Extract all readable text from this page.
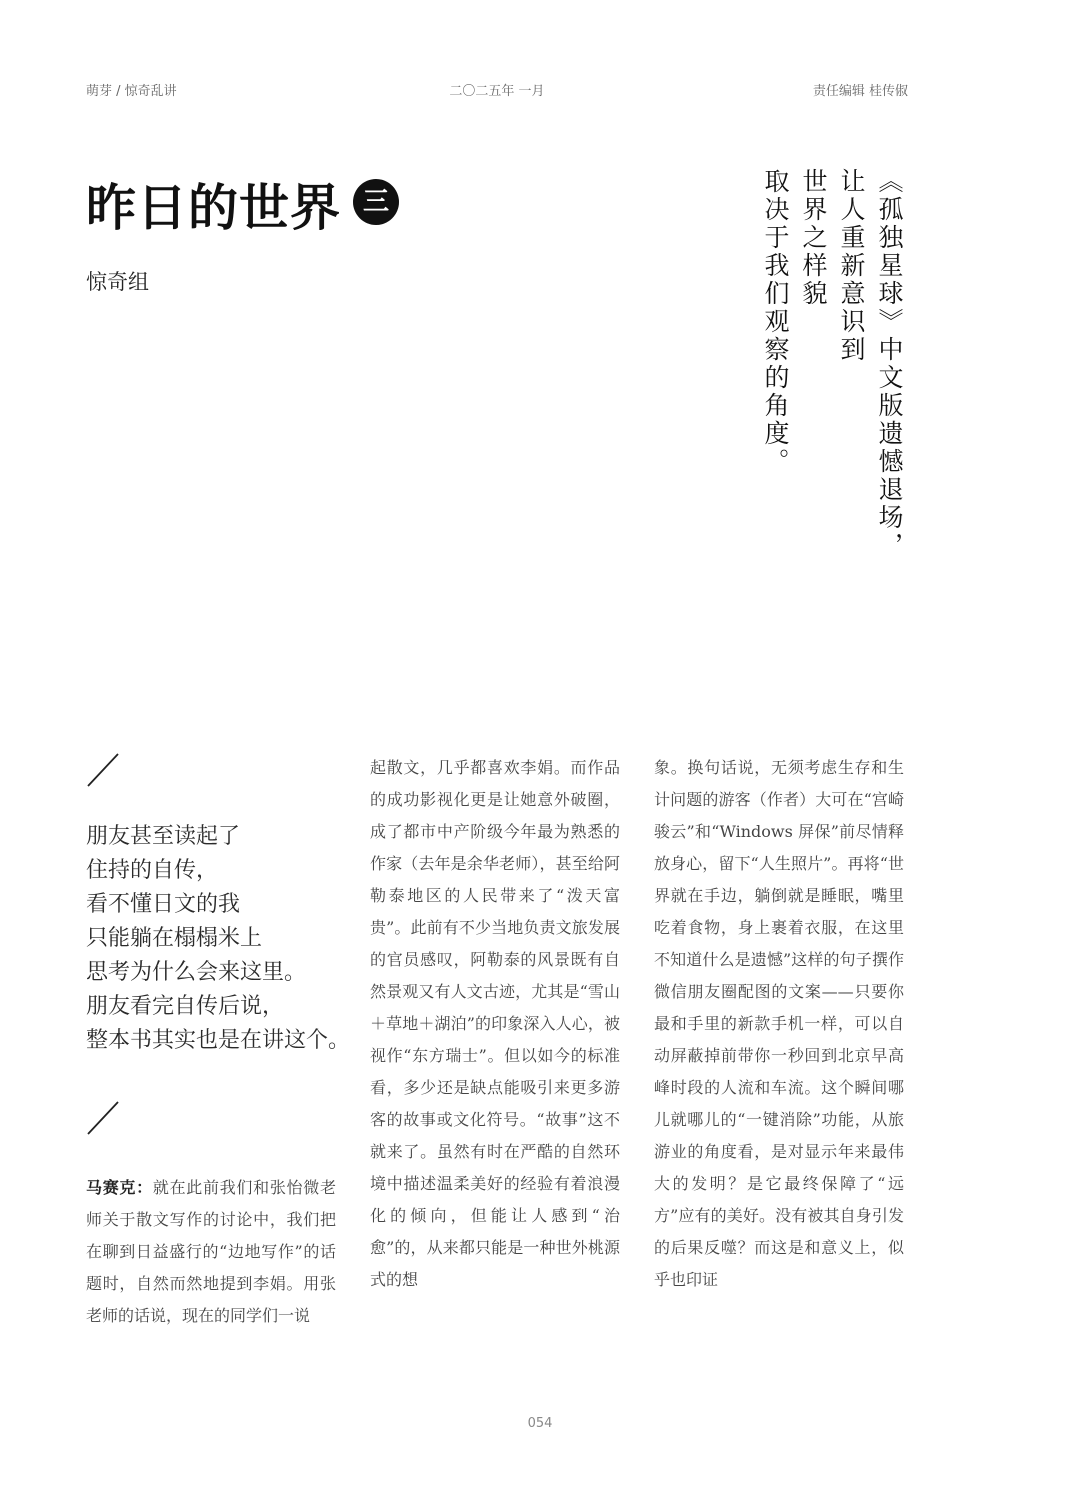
萌芽 / 惊奇乱讲	二〇二五年 一月	责任编辑 桂传俶
昨日的世界 三
惊奇组	《孤独星球》中文版遗憾退场，
让人重新意识到
世界之样貌
取决于我们观察的角度。
朋友甚至读起了
住持的自传，
看不懂日文的我
只能躺在榻榻米上
思考为什么会来这里。
朋友看完自传后说，
整本书其实也是在讲这个。

马赛克：就在此前我们和张怡微老师关于散文写作的讨论中，我们把在聊到日益盛行的“边地写作”的话题时，自然而然地提到李娟。用张老师的话说，现在的同学们一说

起散文，几乎都喜欢李娟。而作品的成功影视化更是让她意外破圈，成了都市中产阶级今年最为熟悉的作家（去年是余华老师），甚至给阿勒泰地区的人民带来了“泼天富贵”。此前有不少当地负责文旅发展的官员感叹，阿勒泰的风景既有自然景观又有人文古迹，尤其是“雪山＋草地＋湖泊”的印象深入人心，被视作“东方瑞士”。但以如今的标准看，多少还是缺点能吸引来更多游客的故事或文化符号。“故事”这不就来了。虽然有时在严酷的自然环境中描述温柔美好的经验有着浪漫化的倾向，但能让人感到“治愈”的，从来都只能是一种世外桃源式的想

象。换句话说，无须考虑生存和生计问题的游客（作者）大可在“宫崎骏云”和“Windows 屏保”前尽情释放身心，留下“人生照片”。再将“世界就在手边，躺倒就是睡眠，嘴里吃着食物，身上裹着衣服，在这里不知道什么是遗憾”这样的句子撰作微信朋友圈配图的文案——只要你最和手里的新款手机一样，可以自动屏蔽掉前带你一秒回到北京早高峰时段的人流和车流。这个瞬间哪儿就哪儿的“一键消除”功能，从旅游业的角度看，是对显示年来最伟大的发明？是它最终保障了“远方”应有的美好。没有被其自身引发的后果反噬？而这是和意义上，似乎也印证

054
